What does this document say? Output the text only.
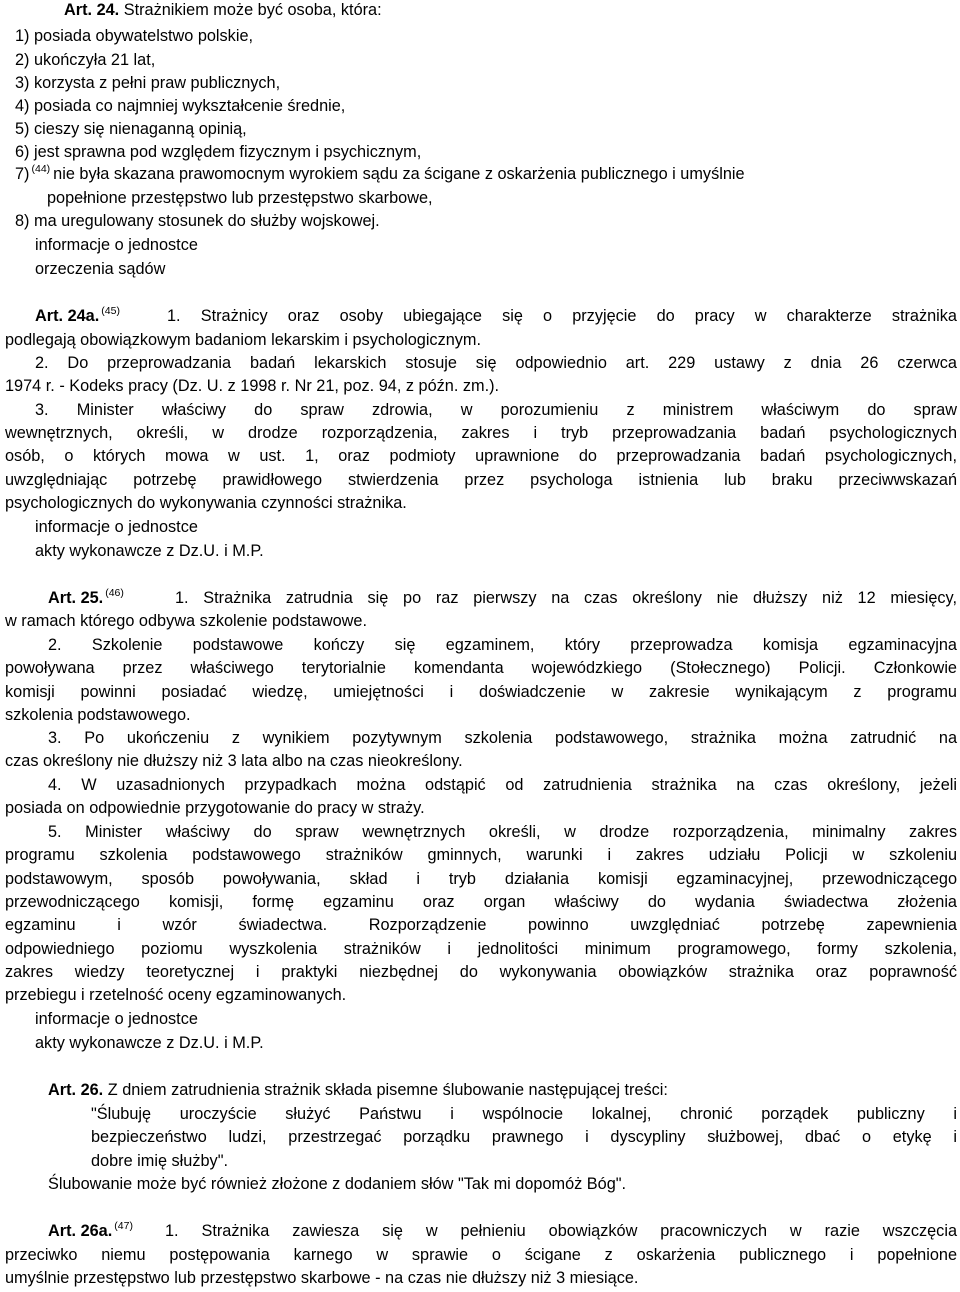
Art. 24. Strażnikiem może być osoba, która:
1) posiada obywatelstwo polskie,
2) ukończyła 21 lat,
3) korzysta z pełni praw publicznych,
4) posiada co najmniej wykształcenie średnie,
5) cieszy się nienaganną opinią,
6) jest sprawna pod względem fizycznym i psychicznym,
7) $^{(44)}$ nie była skazana prawomocnym wyrokiem sądu za ścigane z oskarżenia publicznego i umyślnie
popełnione przestępstwo lub przestępstwo skarbowe,
8) ma uregulowany stosunek do służby wojskowej.
informacje o jednostce
orzeczenia sądów
Art. 24a. $^{(45)}$	1. Strażnicy oraz osoby ubiegające się o przyjęcie do pracy w charakterze strażnika
podlegają obowiązkowym badaniom lekarskim i psychologicznym.
2. Do przeprowadzania badań lekarskich stosuje się odpowiednio art. 229 ustawy z dnia 26 czerwca
1974 r. - Kodeks pracy (Dz. U. z 1998 r. Nr 21, poz. 94, z późn. zm.).
3. Minister właściwy do spraw zdrowia, w porozumieniu z ministrem właściwym do spraw
wewnętrznych, określi, w drodze rozporządzenia, zakres i tryb przeprowadzania badań psychologicznych
osób, o których mowa w ust. 1, oraz podmioty uprawnione do przeprowadzania badań psychologicznych,
uwzględniając potrzebę prawidłowego stwierdzenia przez psychologa istnienia lub braku przeciwwskazań
psychologicznych do wykonywania czynności strażnika.
informacje o jednostce
akty wykonawcze z Dz.U. i M.P.
Art. 25. $^{(46)}$	1. Strażnika zatrudnia się po raz pierwszy na czas określony nie dłuższy niż 12 miesięcy,
w ramach którego odbywa szkolenie podstawowe.
2. Szkolenie podstawowe kończy się egzaminem, który przeprowadza komisja egzaminacyjna
powoływana przez właściwego terytorialnie komendanta wojewódzkiego (Stołecznego) Policji. Członkowie
komisji powinni posiadać wiedzę, umiejętności i doświadczenie w zakresie wynikającym z programu
szkolenia podstawowego.
3. Po ukończeniu z wynikiem pozytywnym szkolenia podstawowego, strażnika można zatrudnić na
czas określony nie dłuższy niż 3 lata albo na czas nieokreślony.
4. W uzasadnionych przypadkach można odstąpić od zatrudnienia strażnika na czas określony, jeżeli
posiada on odpowiednie przygotowanie do pracy w straży.
5. Minister właściwy do spraw wewnętrznych określi, w drodze rozporządzenia, minimalny zakres
programu szkolenia podstawowego strażników gminnych, warunki i zakres udziału Policji w szkoleniu
podstawowym, sposób powoływania, skład i tryb działania komisji egzaminacyjnej, przewodniczącego
przewodniczącego komisji, formę egzaminu oraz organ właściwy do wydania świadectwa złożenia
egzaminu i wzór świadectwa. Rozporządzenie powinno uwzględniać potrzebę zapewnienia
odpowiedniego poziomu wyszkolenia strażników i jednolitości minimum programowego, formy szkolenia,
zakres wiedzy teoretycznej i praktyki niezbędnej do wykonywania obowiązków strażnika oraz poprawność
przebiegu i rzetelność oceny egzaminowanych.
informacje o jednostce
akty wykonawcze z Dz.U. i M.P.
Art. 26. Z dniem zatrudnienia strażnik składa pisemne ślubowanie następującej treści:
"Ślubuję uroczyście służyć Państwu i wspólnocie lokalnej, chronić porządek publiczny i
bezpieczeństwo ludzi, przestrzegać porządku prawnego i dyscypliny służbowej, dbać o etykę i
dobre imię służby".
Ślubowanie może być również złożone z dodaniem słów "Tak mi dopomóż Bóg".
Art. 26a. $^{(47)}$ 1. Strażnika zawiesza się w pełnieniu obowiązków pracowniczych w razie wszczęcia
przeciwko niemu postępowania karnego w sprawie o ścigane z oskarżenia publicznego i popełnione
umyślnie przestępstwo lub przestępstwo skarbowe - na czas nie dłuższy niż 3 miesiące.
